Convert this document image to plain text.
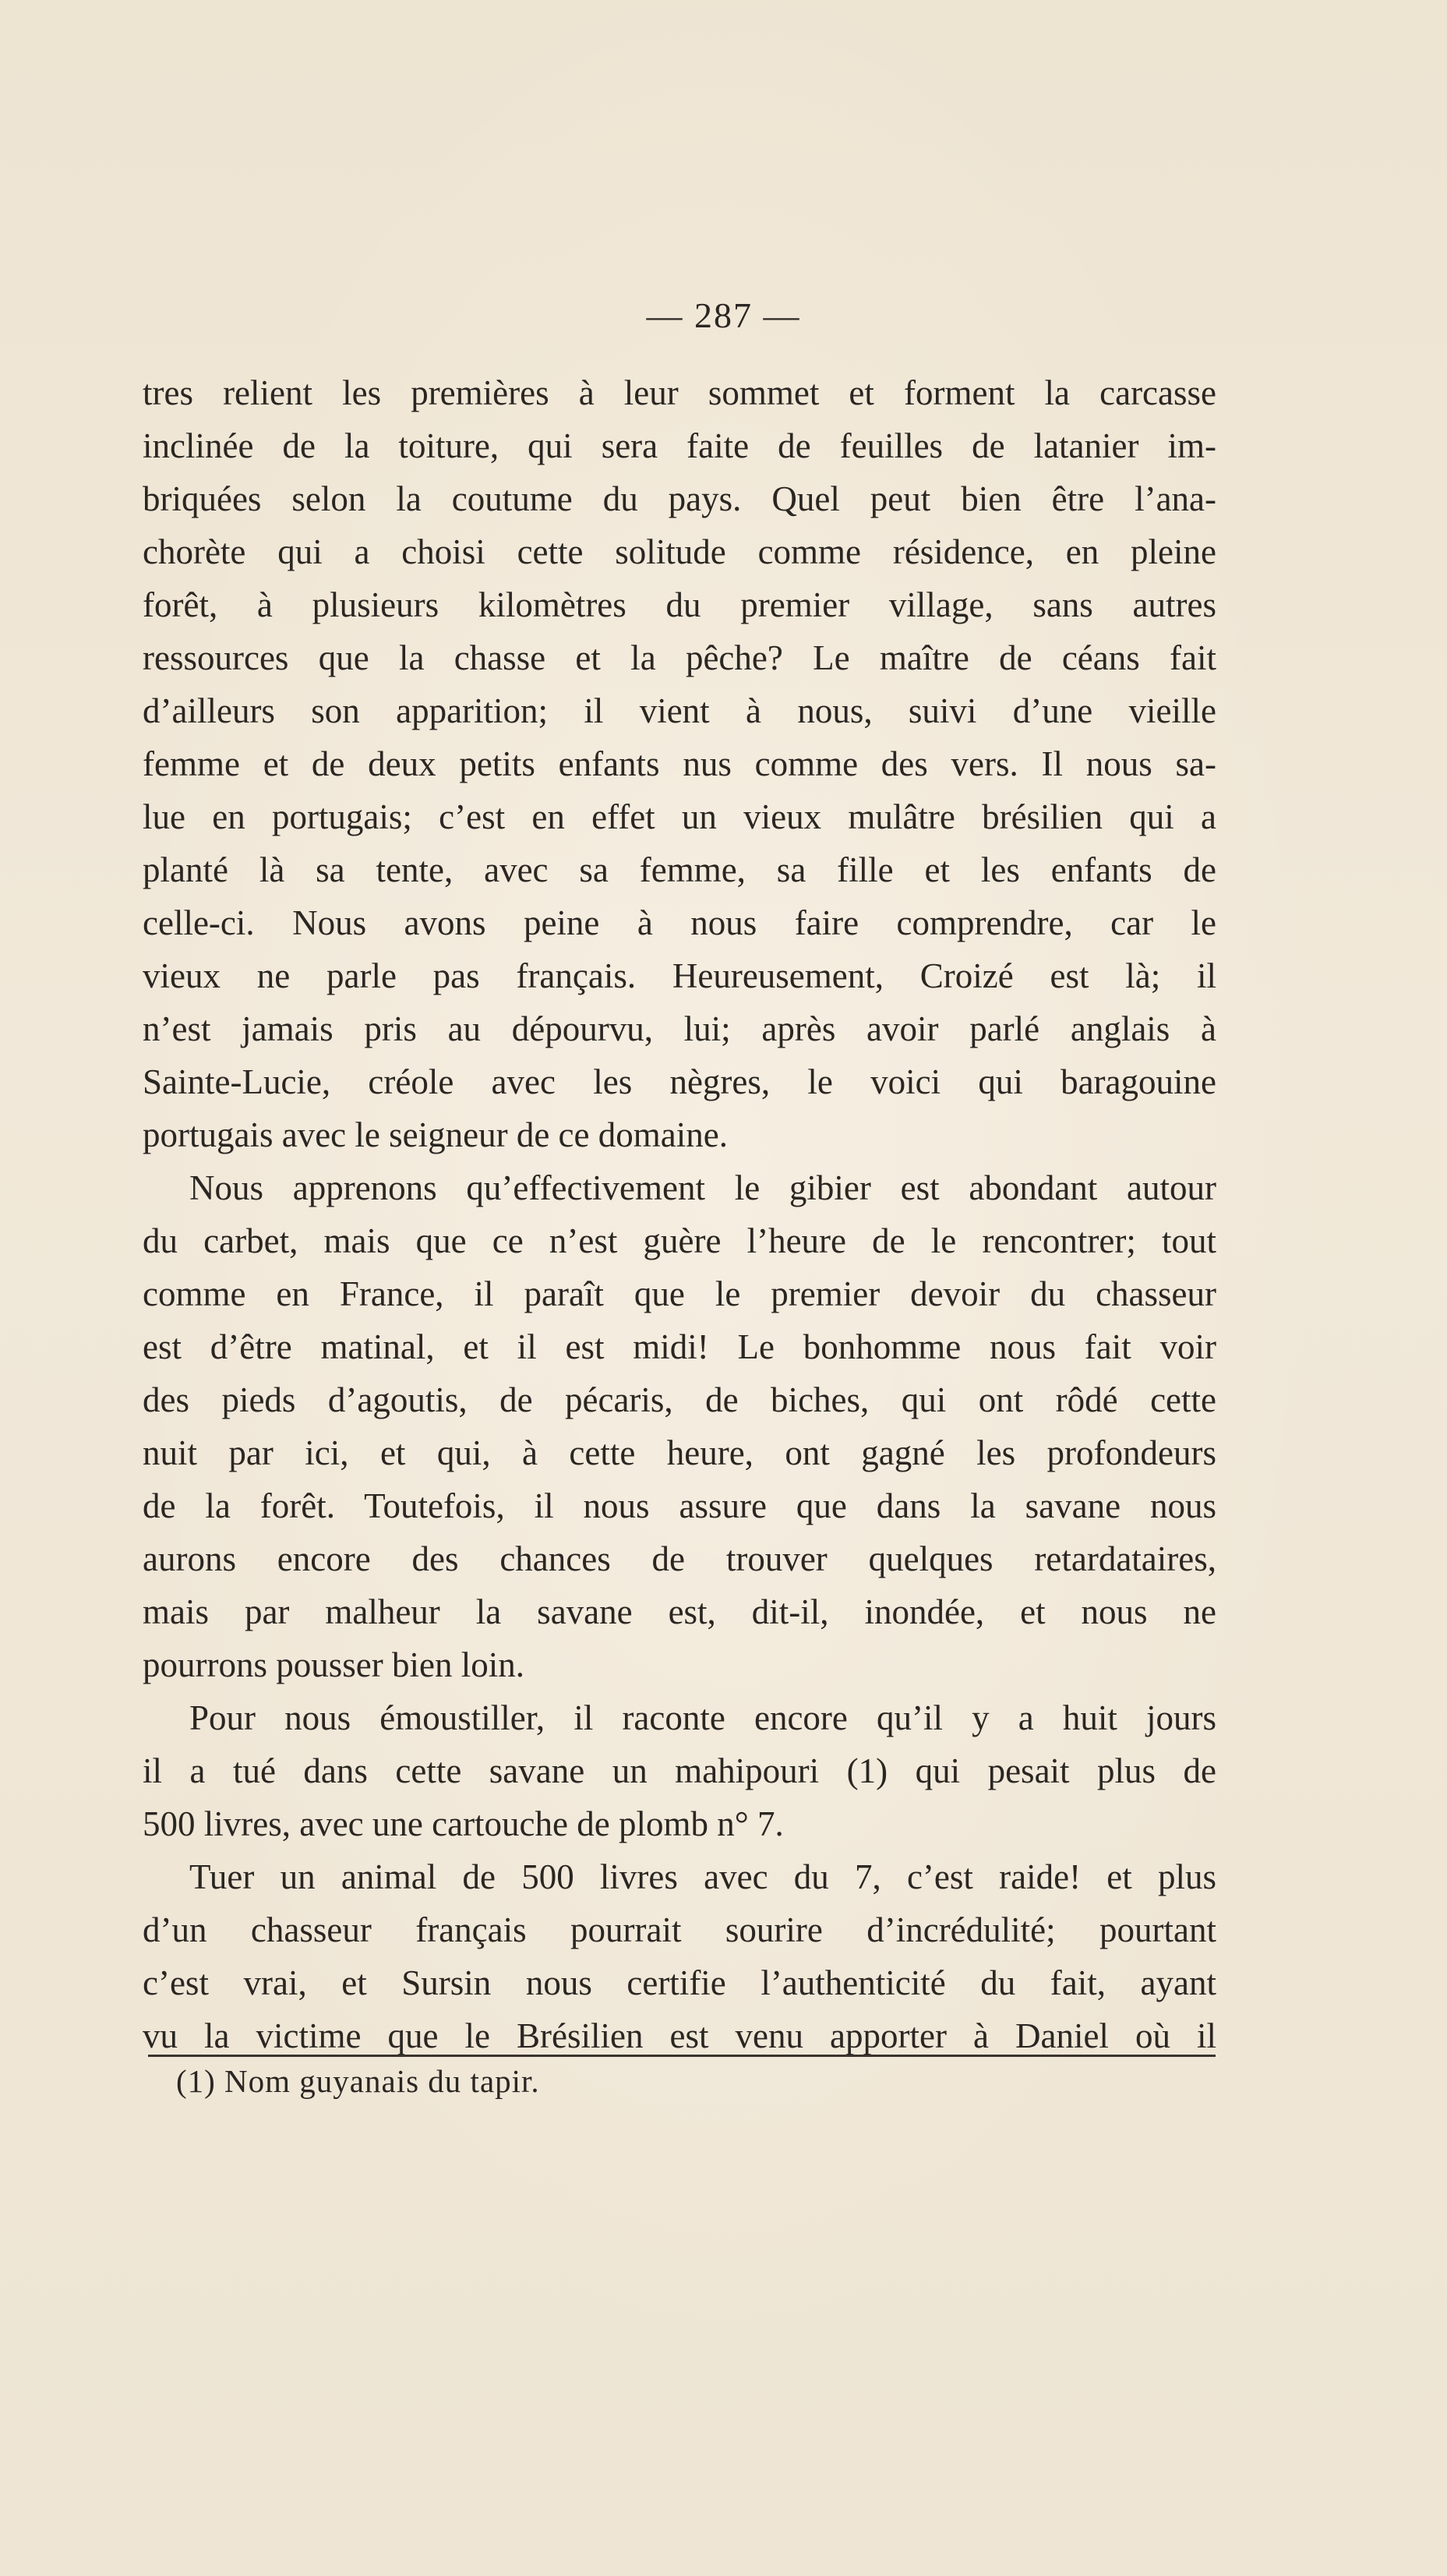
— 287 —
tres relient les premières à leur sommet et forment la carcasse
inclinée de la toiture, qui sera faite de feuilles de latanier im-
briquées selon la coutume du pays. Quel peut bien être l’ana-
chorète qui a choisi cette solitude comme résidence, en pleine
forêt, à plusieurs kilomètres du premier village, sans autres
ressources que la chasse et la pêche? Le maître de céans fait
d’ailleurs son apparition; il vient à nous, suivi d’une vieille
femme et de deux petits enfants nus comme des vers. Il nous sa-
lue en portugais; c’est en effet un vieux mulâtre brésilien qui a
planté là sa tente, avec sa femme, sa fille et les enfants de
celle-ci. Nous avons peine à nous faire comprendre, car le
vieux ne parle pas français. Heureusement, Croizé est là; il
n’est jamais pris au dépourvu, lui; après avoir parlé anglais à
Sainte-Lucie, créole avec les nègres, le voici qui baragouine
portugais avec le seigneur de ce domaine.
Nous apprenons qu’effectivement le gibier est abondant autour
du carbet, mais que ce n’est guère l’heure de le rencontrer; tout
comme en France, il paraît que le premier devoir du chasseur
est d’être matinal, et il est midi! Le bonhomme nous fait voir
des pieds d’agoutis, de pécaris, de biches, qui ont rôdé cette
nuit par ici, et qui, à cette heure, ont gagné les profondeurs
de la forêt. Toutefois, il nous assure que dans la savane nous
aurons encore des chances de trouver quelques retardataires,
mais par malheur la savane est, dit-il, inondée, et nous ne
pourrons pousser bien loin.
Pour nous émoustiller, il raconte encore qu’il y a huit jours
il a tué dans cette savane un mahipouri (1) qui pesait plus de
500 livres, avec une cartouche de plomb n° 7.
Tuer un animal de 500 livres avec du 7, c’est raide! et plus
d’un chasseur français pourrait sourire d’incrédulité; pourtant
c’est vrai, et Sursin nous certifie l’authenticité du fait, ayant
vu la victime que le Brésilien est venu apporter à Daniel où il
(1) Nom guyanais du tapir.
